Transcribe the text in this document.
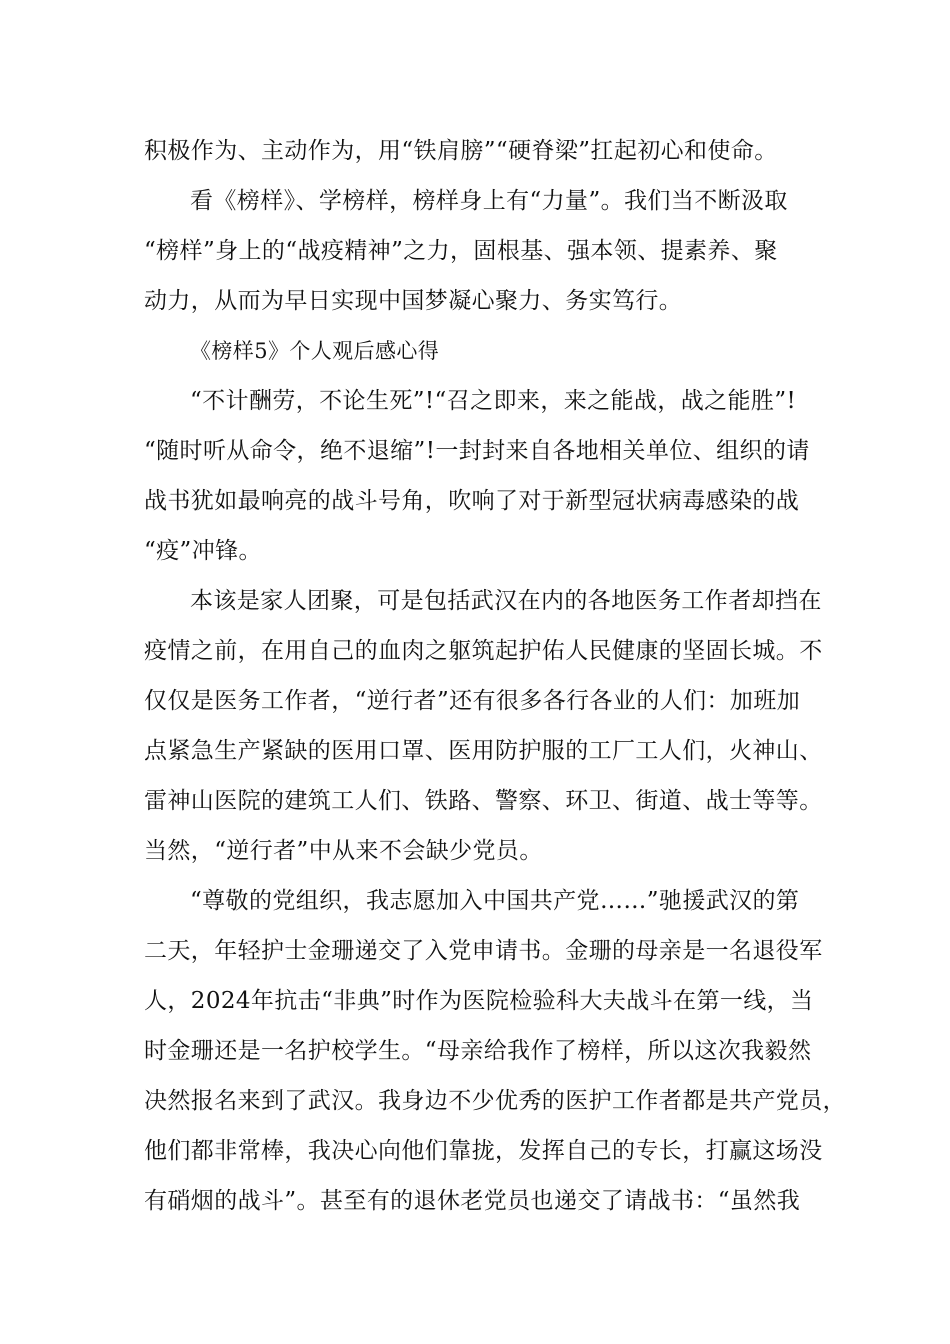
积极作为、主动作为，用“铁肩膀”“硬脊梁”扛起初心和使命。
看《榜样》、学榜样，榜样身上有“力量”。我们当不断汲取
“榜样”身上的“战疫精神”之力，固根基、强本领、提素养、聚
动力，从而为早日实现中国梦凝心聚力、务实笃行。
《榜样5》个人观后感心得
“不计酬劳，不论生死”!“召之即来，来之能战，战之能胜”!
“随时听从命令，绝不退缩”!一封封来自各地相关单位、组织的请
战书犹如最响亮的战斗号角，吹响了对于新型冠状病毒感染的战
“疫”冲锋。
本该是家人团聚，可是包括武汉在内的各地医务工作者却挡在
疫情之前，在用自己的血肉之躯筑起护佑人民健康的坚固长城。不
仅仅是医务工作者，“逆行者”还有很多各行各业的人们：加班加
点紧急生产紧缺的医用口罩、医用防护服的工厂工人们，火神山、
雷神山医院的建筑工人们、铁路、警察、环卫、街道、战士等等。
当然，“逆行者”中从来不会缺少党员。
“尊敬的党组织，我志愿加入中国共产党……”驰援武汉的第
二天，年轻护士金珊递交了入党申请书。金珊的母亲是一名退役军
人，2024年抗击“非典”时作为医院检验科大夫战斗在第一线，当
时金珊还是一名护校学生。“母亲给我作了榜样，所以这次我毅然
决然报名来到了武汉。我身边不少优秀的医护工作者都是共产党员，
他们都非常棒，我决心向他们靠拢，发挥自己的专长，打赢这场没
有硝烟的战斗”。甚至有的退休老党员也递交了请战书：“虽然我
